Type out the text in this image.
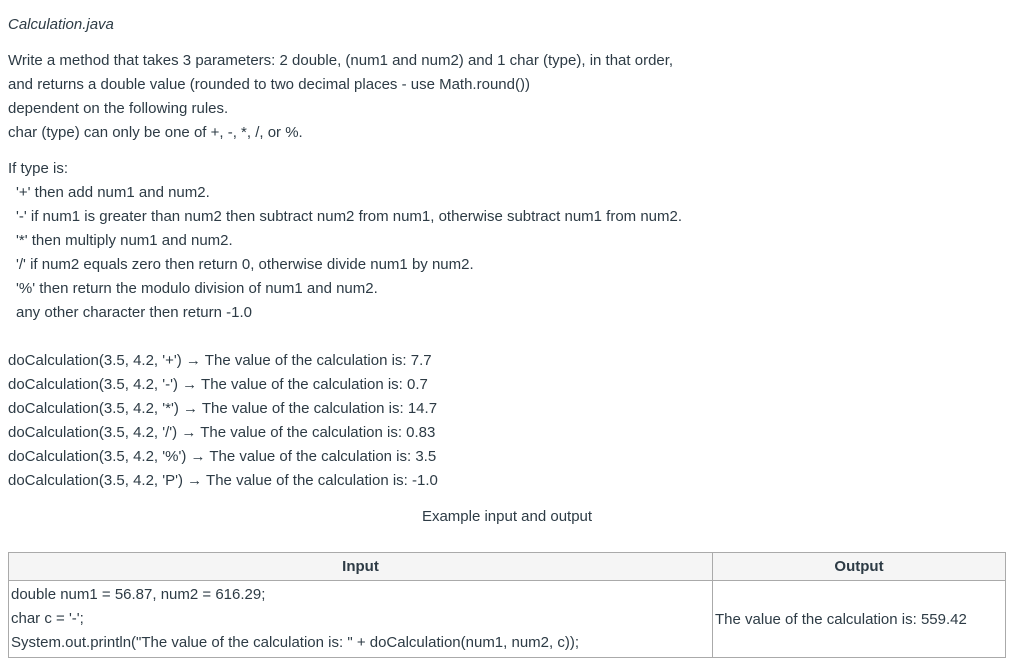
Calculation.java
Write a method that takes 3 parameters: 2 double, (num1 and num2) and 1 char (type), in that order,
and returns a double value (rounded to two decimal places - use Math.round())
dependent on the following rules.
char (type) can only be one of +, -, *, /, or %.
If type is:
'+' then add num1 and num2.
'-' if num1 is greater than num2 then subtract num2 from num1, otherwise subtract num1 from num2.
'*' then multiply num1 and num2.
'/' if num2 equals zero then return 0, otherwise divide num1 by num2.
'%' then return the modulo division of num1 and num2.
any other character then return -1.0
doCalculation(3.5, 4.2, '+') → The value of the calculation is: 7.7
doCalculation(3.5, 4.2, '-') → The value of the calculation is: 0.7
doCalculation(3.5, 4.2, '*') → The value of the calculation is: 14.7
doCalculation(3.5, 4.2, '/') → The value of the calculation is: 0.83
doCalculation(3.5, 4.2, '%') → The value of the calculation is: 3.5
doCalculation(3.5, 4.2, 'P') → The value of the calculation is: -1.0
Example input and output
Input	Output

double num1 = 56.87, num2 = 616.29;
char c = '-';
System.out.println("The value of the calculation is: " + doCalculation(num1, num2, c));	The value of the calculation is: 559.42
